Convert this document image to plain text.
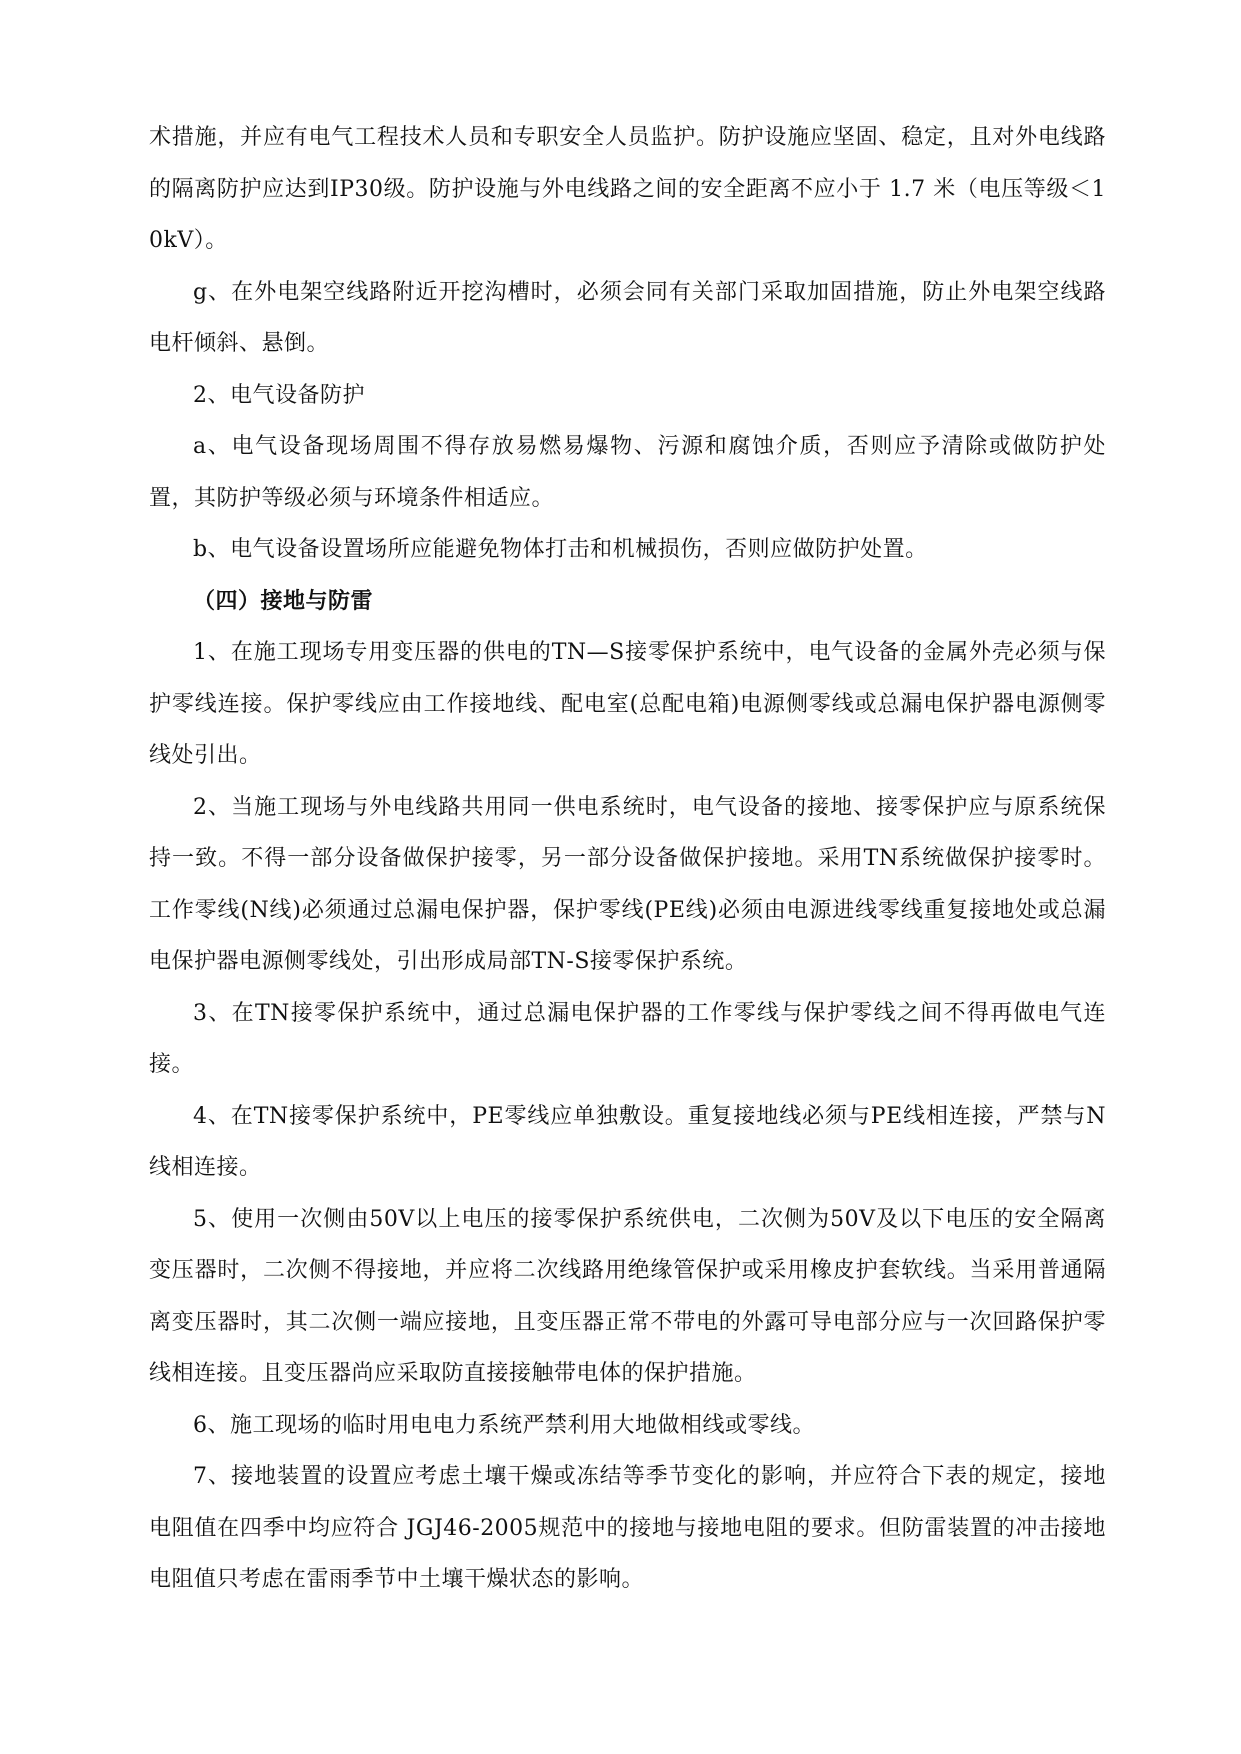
术措施，并应有电气工程技术人员和专职安全人员监护。防护设施应坚固、稳定，且对外电线路的隔离防护应达到IP30级。防护设施与外电线路之间的安全距离不应小于 1.7 米（电压等级＜10kV）。

g、在外电架空线路附近开挖沟槽时，必须会同有关部门采取加固措施，防止外电架空线路电杆倾斜、悬倒。

2、电气设备防护

a、电气设备现场周围不得存放易燃易爆物、污源和腐蚀介质，否则应予清除或做防护处置，其防护等级必须与环境条件相适应。

b、电气设备设置场所应能避免物体打击和机械损伤，否则应做防护处置。

（四）接地与防雷

1、在施工现场专用变压器的供电的TN—S接零保护系统中，电气设备的金属外壳必须与保护零线连接。保护零线应由工作接地线、配电室(总配电箱)电源侧零线或总漏电保护器电源侧零线处引出。

2、当施工现场与外电线路共用同一供电系统时，电气设备的接地、接零保护应与原系统保持一致。不得一部分设备做保护接零，另一部分设备做保护接地。采用TN系统做保护接零时。工作零线(N线)必须通过总漏电保护器，保护零线(PE线)必须由电源进线零线重复接地处或总漏电保护器电源侧零线处，引出形成局部TN-S接零保护系统。

3、在TN接零保护系统中，通过总漏电保护器的工作零线与保护零线之间不得再做电气连接。

4、在TN接零保护系统中，PE零线应单独敷设。重复接地线必须与PE线相连接，严禁与N线相连接。

5、使用一次侧由50V以上电压的接零保护系统供电，二次侧为50V及以下电压的安全隔离变压器时，二次侧不得接地，并应将二次线路用绝缘管保护或采用橡皮护套软线。当采用普通隔离变压器时，其二次侧一端应接地，且变压器正常不带电的外露可导电部分应与一次回路保护零线相连接。且变压器尚应采取防直接接触带电体的保护措施。

6、施工现场的临时用电电力系统严禁利用大地做相线或零线。

7、接地装置的设置应考虑土壤干燥或冻结等季节变化的影响，并应符合下表的规定，接地电阻值在四季中均应符合 JGJ46-2005规范中的接地与接地电阻的要求。但防雷装置的冲击接地电阻值只考虑在雷雨季节中土壤干燥状态的影响。
